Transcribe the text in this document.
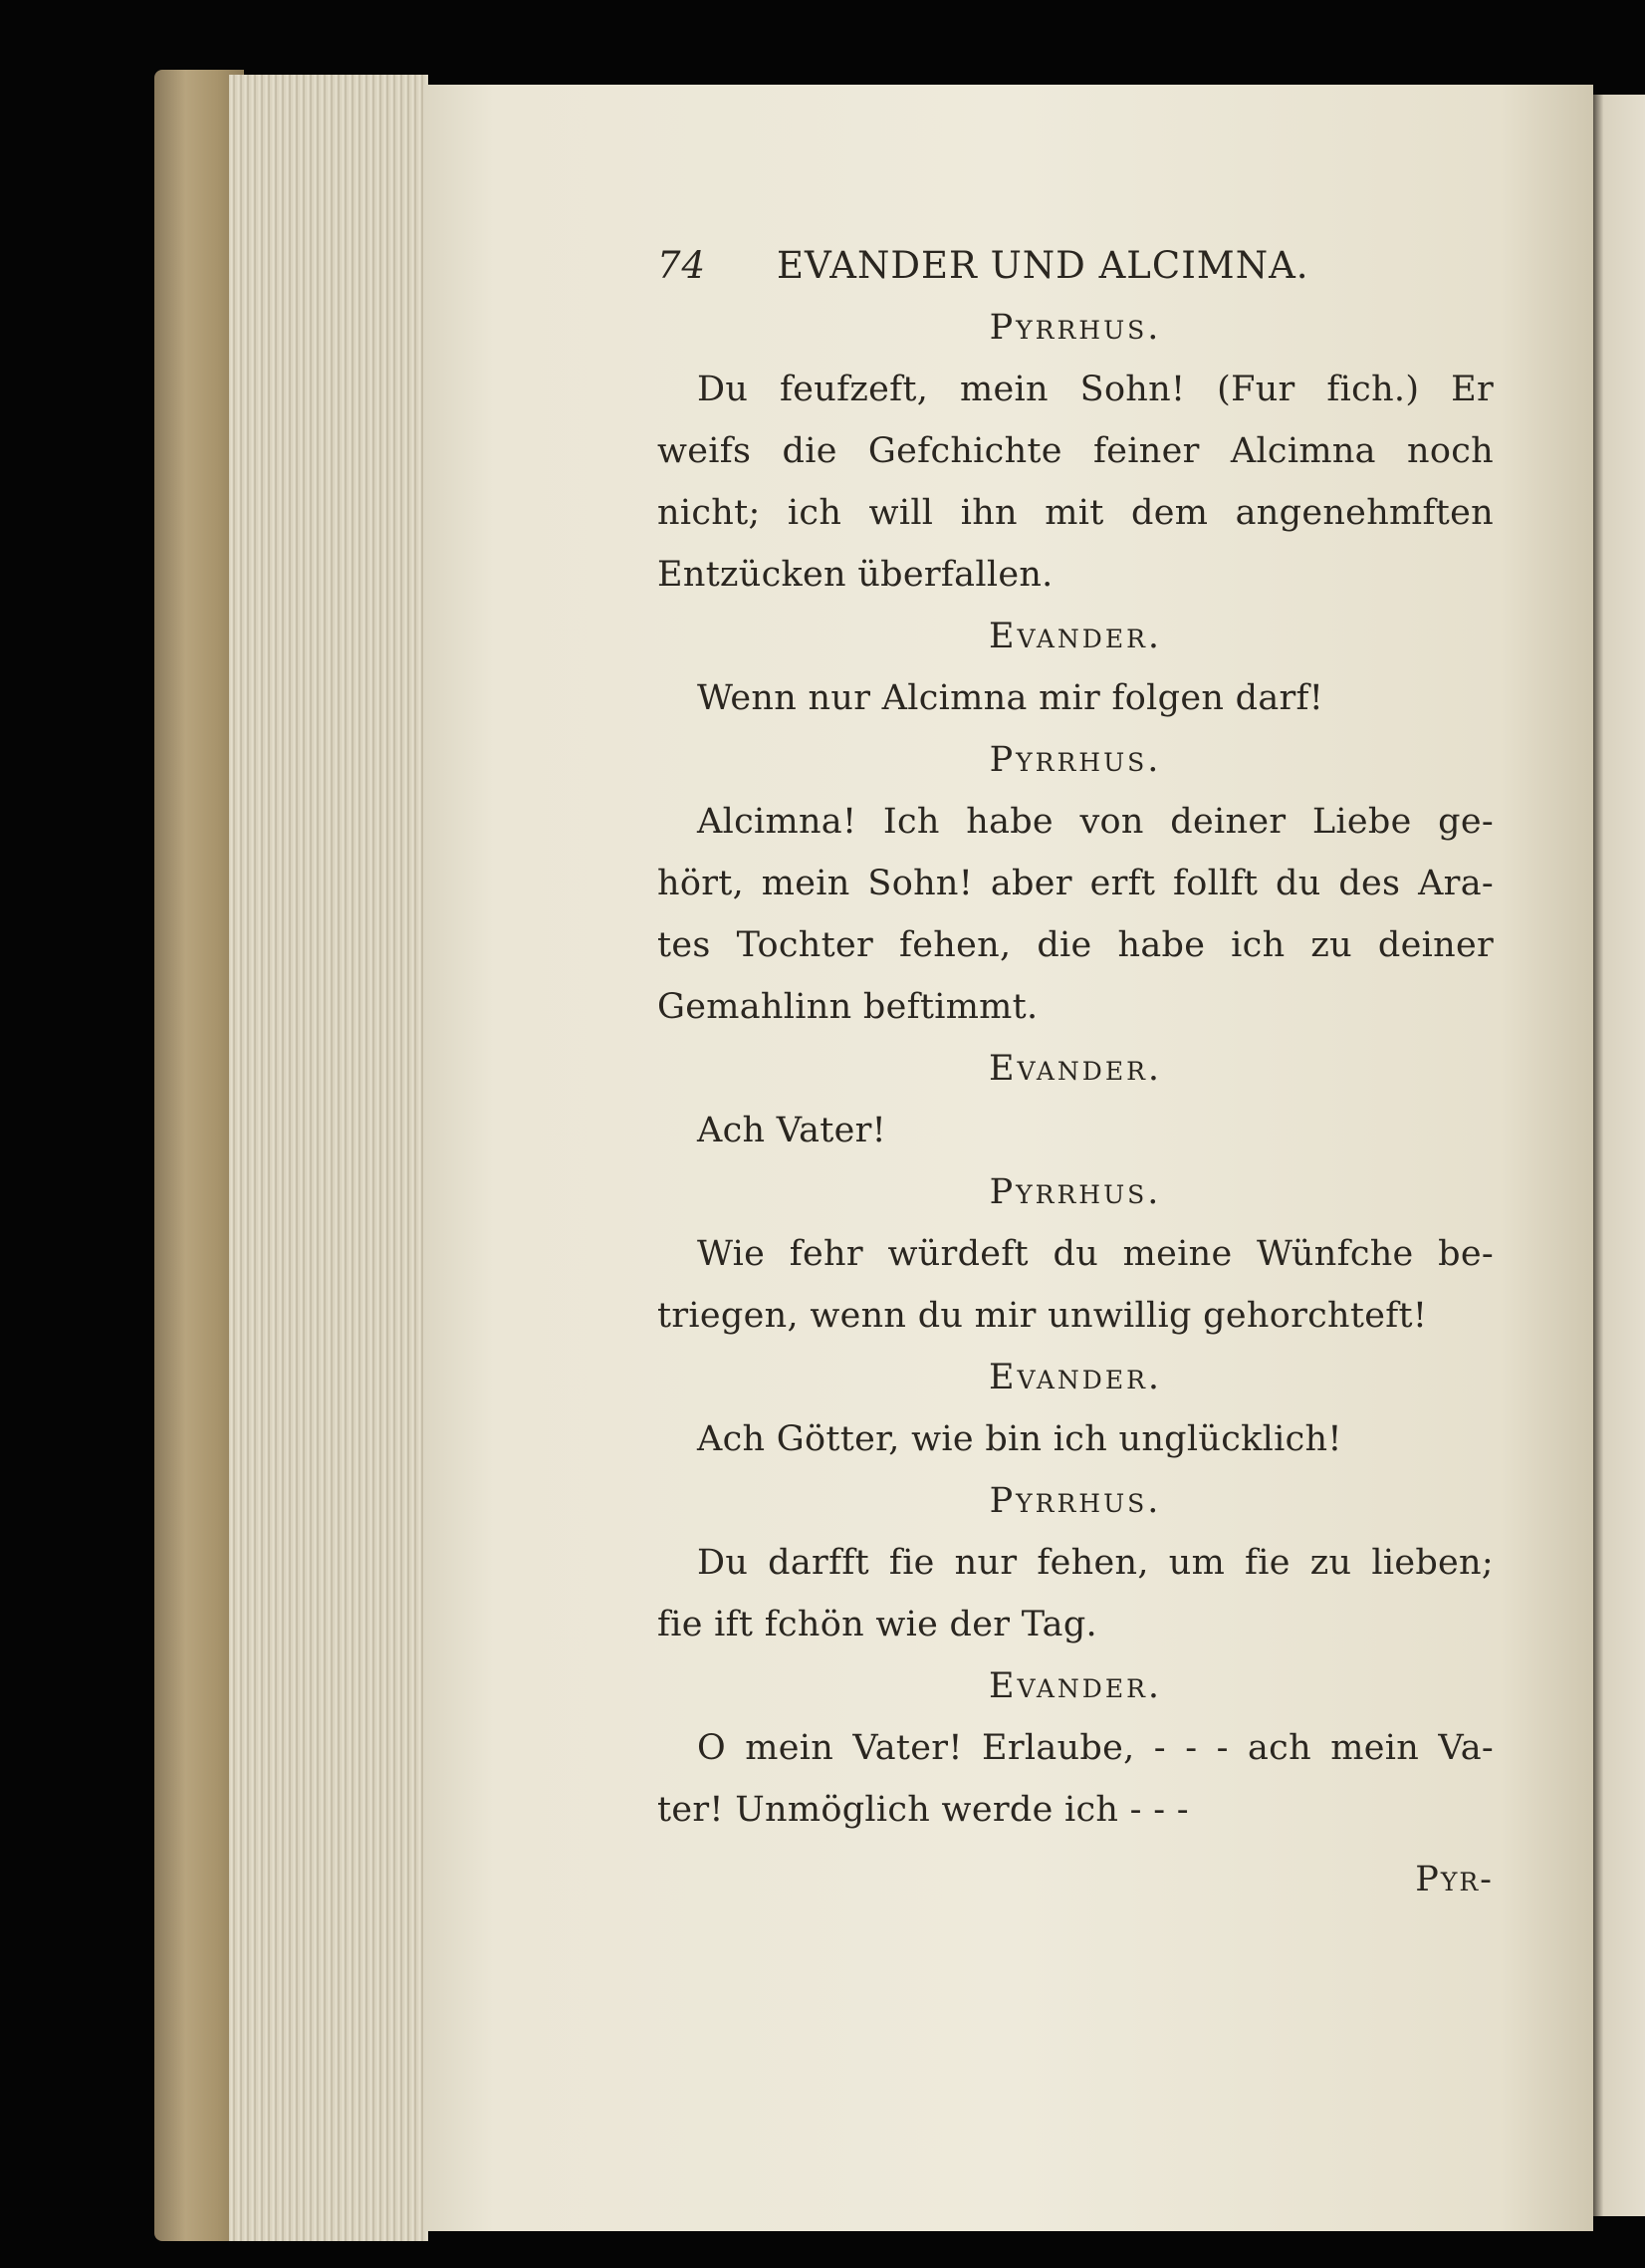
74 EVANDER UND ALCIMNA.
Pyrrhus.
Du feufzeft, mein Sohn! (Fur fich.) Er
weifs die Gefchichte feiner Alcimna noch
nicht; ich will ihn mit dem angenehmften
Entzücken überfallen.
Evander.
Wenn nur Alcimna mir folgen darf!
Pyrrhus.
Alcimna! Ich habe von deiner Liebe ge-
hört, mein Sohn! aber erft follft du des Ara-
tes Tochter fehen, die habe ich zu deiner
Gemahlinn beftimmt.
Evander.
Ach Vater!
Pyrrhus.
Wie fehr würdeft du meine Wünfche be-
triegen, wenn du mir unwillig gehorchteft!
Evander.
Ach Götter, wie bin ich unglücklich!
Pyrrhus.
Du darfft fie nur fehen, um fie zu lieben;
fie ift fchön wie der Tag.
Evander.
O mein Vater! Erlaube, - - - ach mein Va-
ter! Unmöglich werde ich - - -
Pyr-
